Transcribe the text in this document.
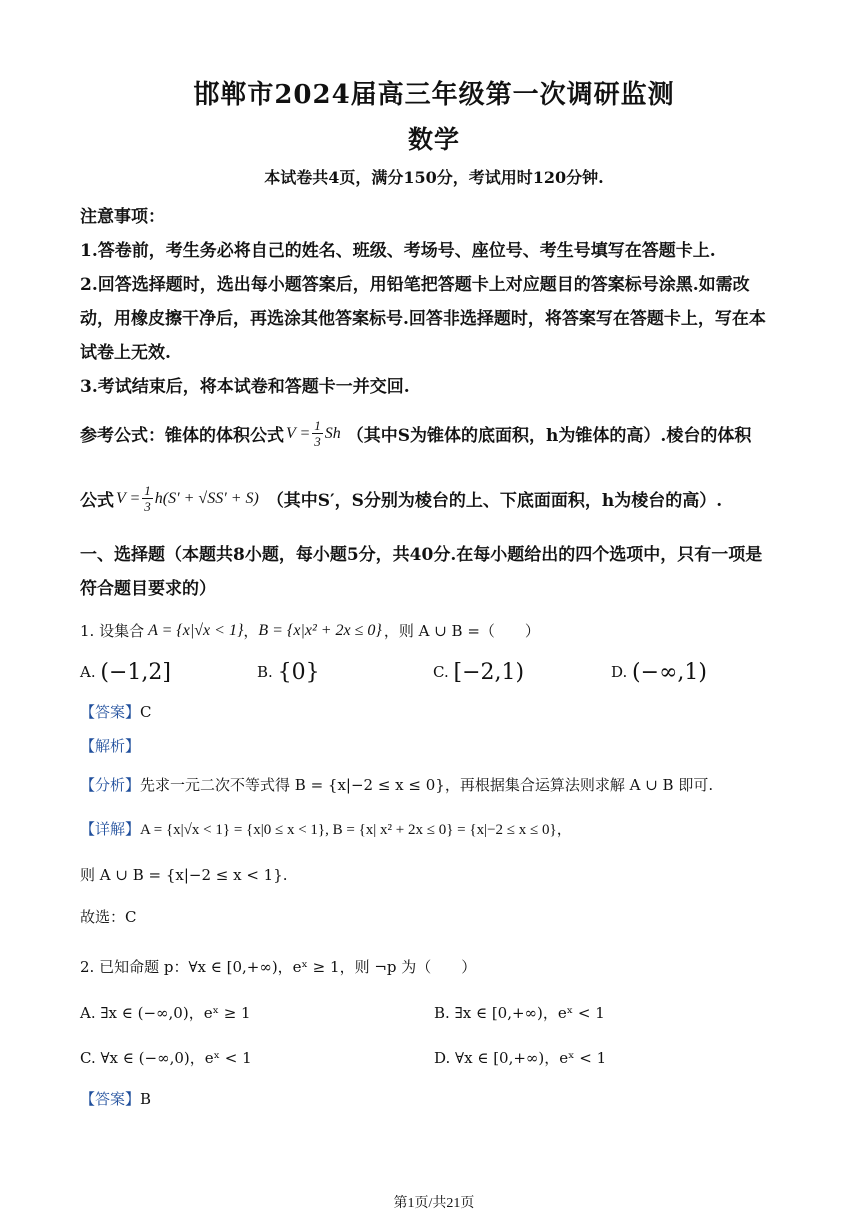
邯郸市2024届高三年级第一次调研监测
数学
本试卷共4页，满分150分，考试用时120分钟.
注意事项：
1.答卷前，考生务必将自己的姓名、班级、考场号、座位号、考生号填写在答题卡上.
2.回答选择题时，选出每小题答案后，用铅笔把答题卡上对应题目的答案标号涂黑.如需改
动，用橡皮擦干净后，再选涂其他答案标号.回答非选择题时，将答案写在答题卡上，写在本
试卷上无效.
3.考试结束后，将本试卷和答题卡一并交回.
参考公式：锥体的体积公式 $V = \frac{1}{3}$ Sh （其中S为锥体的底面积，h为锥体的高）.棱台的体积
公式 $V = \frac{1}{3} h(S' + √SS' + S)$ （其中S′，S分别为棱台的上、下底面面积，h为棱台的高）.
一、选择题（本题共8小题，每小题5分，共40分.在每小题给出的四个选项中，只有一项是
符合题目要求的）
1. 设集合 A = {x|√x < 1} ， B = {x|x² + 2x ≤ 0} ，则 A ∪ B =（　　）
A. (−1,2]	B. {0}	C. [−2,1)	D. (−∞,1)
【答案】C
【解析】
【分析】先求一元二次不等式得 B = {x|−2 ≤ x ≤ 0}，再根据集合运算法则求解 A ∪ B 即可.
【详解】A = {x|√x < 1} = {x|0 ≤ x < 1}, B = {x| x² + 2x ≤ 0} = {x|−2 ≤ x ≤ 0}，
则 A ∪ B = {x|−2 ≤ x < 1}.
故选：C
2. 已知命题 p：∀x ∈ [0,+∞)，eˣ ≥ 1，则 ¬p 为（　　）
A. ∃x ∈ (−∞,0)，eˣ ≥ 1	B. ∃x ∈ [0,+∞)，eˣ < 1
C. ∀x ∈ (−∞,0)，eˣ < 1	D. ∀x ∈ [0,+∞)，eˣ < 1
【答案】B
第1页/共21页
